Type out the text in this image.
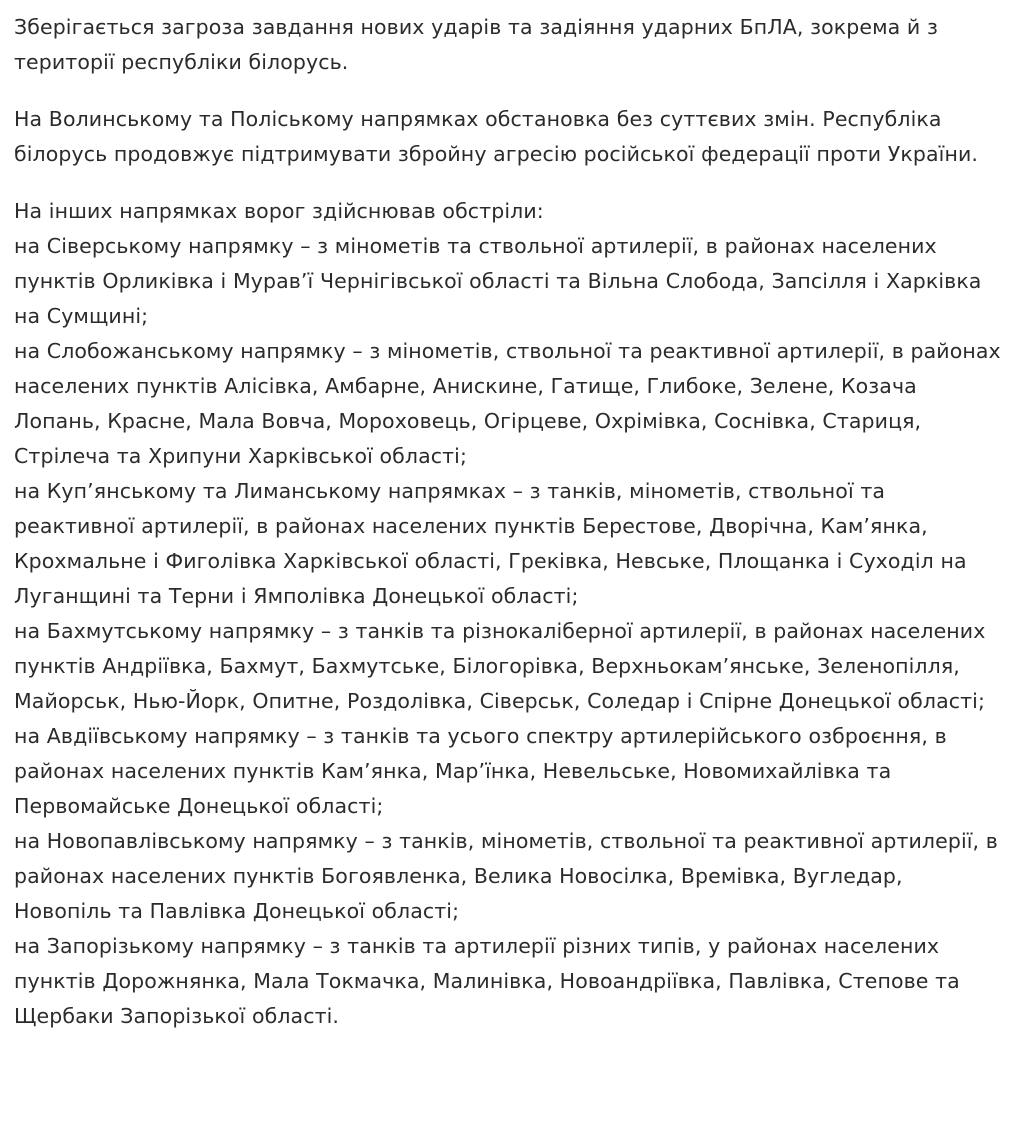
Зберігається загроза завдання нових ударів та задіяння ударних БпЛА, зокрема й з території республіки білорусь.

На Волинському та Поліському напрямках обстановка без суттєвих змін. Республіка білорусь продовжує підтримувати збройну агресію російської федерації проти України.

На інших напрямках ворог здійснював обстріли:
на Сіверському напрямку – з мінометів та ствольної артилерії, в районах населених пунктів Орликівка і Мурав’ї Чернігівської області та Вільна Слобода, Запсілля і Харківка на Сумщині;
на Слобожанському напрямку – з мінометів, ствольної та реактивної артилерії, в районах населених пунктів Алісівка, Амбарне, Аниcкине, Гатище, Глибоке, Зелене, Козача Лопань, Красне, Мала Вовча, Мороховець, Огірцеве, Охрімівка, Соснівка, Стариця, Стрілеча та Хрипуни Харківської області;
на Куп’янському та Лиманському напрямках – з танків, мінометів, ствольної та реактивної артилерії, в районах населених пунктів Берестове, Дворічна, Кам’янка, Крохмальне і Фиголівка Харківської області, Греківка, Невське, Площанка і Суходіл на Луганщині та Терни і Ямполівка Донецької області;
на Бахмутському напрямку – з танків та різнокаліберної артилерії, в районах населених пунктів Андріївка, Бахмут, Бахмутське, Білогорівка, Верхньокам’янське, Зеленопілля, Майорськ, Нью-Йорк, Опитне, Роздолівка, Сіверськ, Соледар і Спірне Донецької області;
на Авдіївському напрямку – з танків та усього спектру артилерійського озброєння, в районах населених пунктів Кам’янка, Мар’їнка, Невельське, Новомихайлівка та Первомайське Донецької області;
на Новопавлівському напрямку – з танків, мінометів, ствольної та реактивної артилерії, в районах населених пунктів Богоявленка, Велика Новосілка, Времівка, Вугледар, Новопіль та Павлівка Донецької області;
на Запорізькому напрямку – з танків та артилерії різних типів, у районах населених пунктів Дорожнянка, Мала Токмачка, Малинівка, Новоандріївка, Павлівка, Степове та Щербаки Запорізької області.
